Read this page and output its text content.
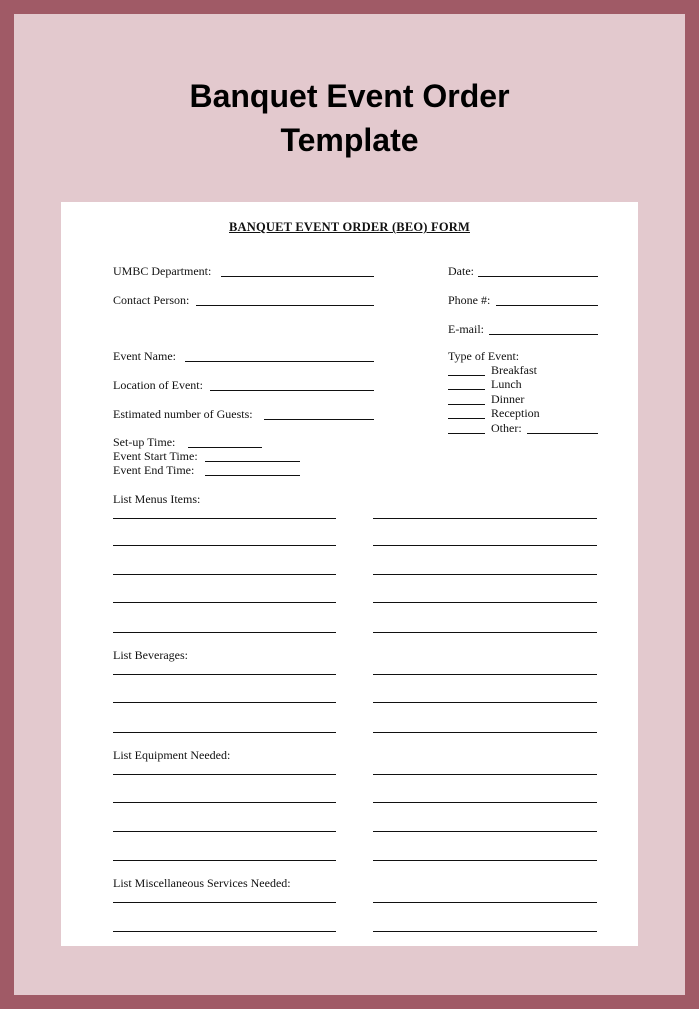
Banquet Event Order
Template
BANQUET EVENT ORDER (BEO) FORM
UMBC Department:
Contact Person:
Event Name:
Location of Event:
Estimated number of Guests:
Set-up Time:
Event Start Time:
Event End Time:
Date:
Phone #:
E-mail:
Type of Event:
Breakfast
Lunch
Dinner
Reception
Other:
List Menus Items:
List Beverages:
List Equipment Needed:
List Miscellaneous Services Needed:
